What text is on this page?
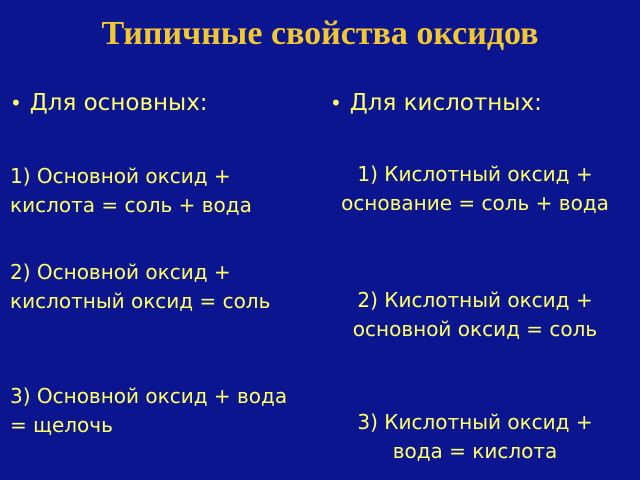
Типичные свойства оксидов
• Для основных:
1) Основной оксид + кислота = соль + вода
2) Основной оксид + кислотный оксид = соль
3) Основной оксид + вода = щелочь
• Для кислотных:
1) Кислотный оксид + основание = соль + вода
2) Кислотный оксид + основной оксид = соль
3) Кислотный оксид + вода = кислота
